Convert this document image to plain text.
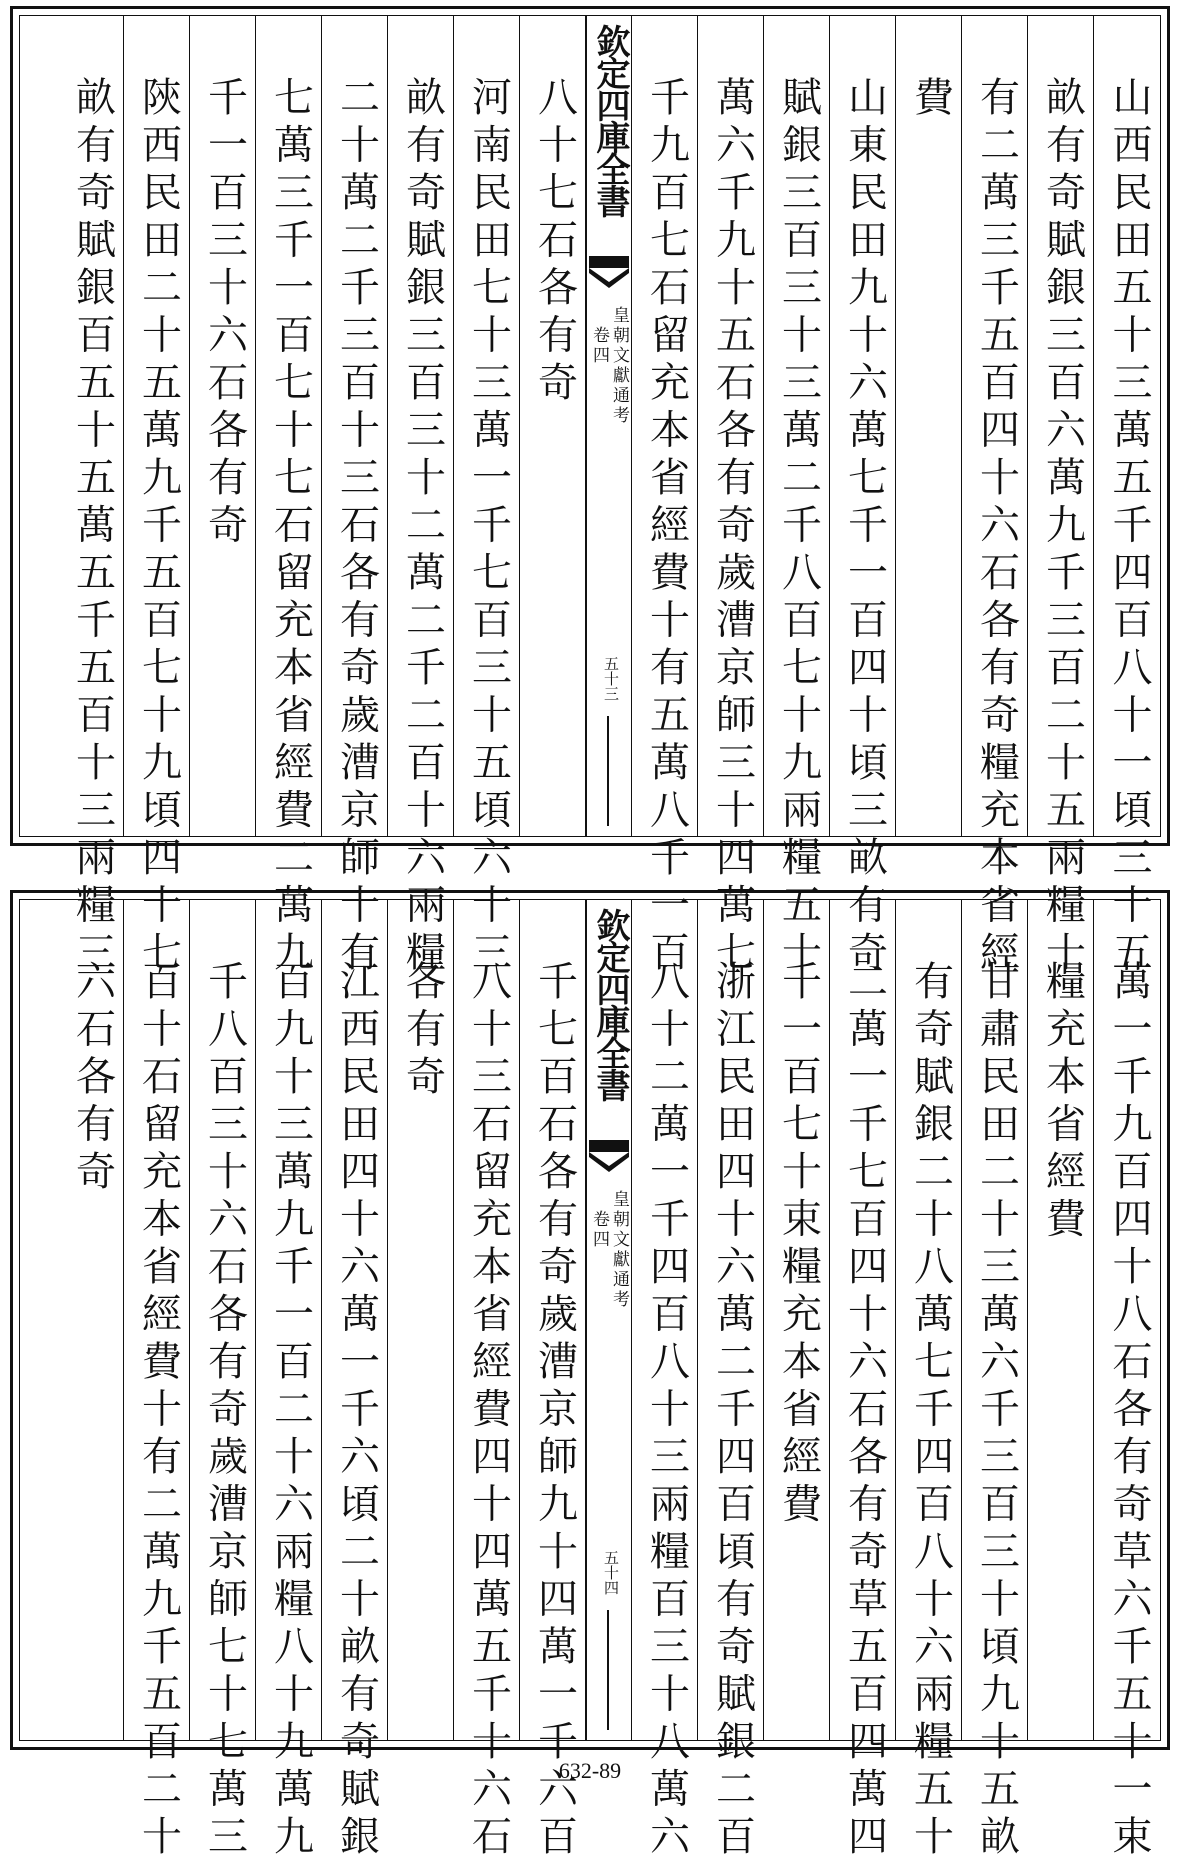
山西民田五十三萬五千四百八十一頃三十五
畝有奇賦銀三百六萬九千三百二十五兩糧十
有二萬三千五百四十六石各有奇糧充本省經
費
山東民田九十六萬七千一百四十頃三畝有奇
賦銀三百三十三萬二千八百七十九兩糧五十
萬六千九十五石各有奇歲漕京師三十四萬七
千九百七石留充本省經費十有五萬八千一百
欽定四庫全書
皇朝文獻通考
卷四
五十三
八十七石各有奇
河南民田七十三萬一千七百三十五頃六十三
畝有奇賦銀三百三十二萬二千二百十六兩糧
二十萬二千三百十三石各有奇歲漕京師十有
七萬三千一百七十七石留充本省經費二萬九
千一百三十六石各有奇
陝西民田二十五萬九千五百七十九頃四十七
畝有奇賦銀百五十五萬五千五百十三兩糧三
萬一千九百四十八石各有奇草六千五十一束
糧充本省經費
甘肅民田二十三萬六千三百三十頃九十五畝
有奇賦銀二十八萬七千四百八十六兩糧五十
二萬一千七百四十六石各有奇草五百四萬四
千一百七十束糧充本省經費
浙江民田四十六萬二千四百頃有奇賦銀二百
八十二萬一千四百八十三兩糧百三十八萬六
欽定四庫全書
皇朝文獻通考
卷四
五十四
千七百石各有奇歲漕京師九十四萬一千六百
八十三石留充本省經費四十四萬五千十六石
各有奇
江西民田四十六萬一千六頃二十畝有奇賦銀
百九十三萬九千一百二十六兩糧八十九萬九
千八百三十六石各有奇歲漕京師七十七萬三
百十石留充本省經費十有二萬九千五百二十
六石各有奇
632-89
